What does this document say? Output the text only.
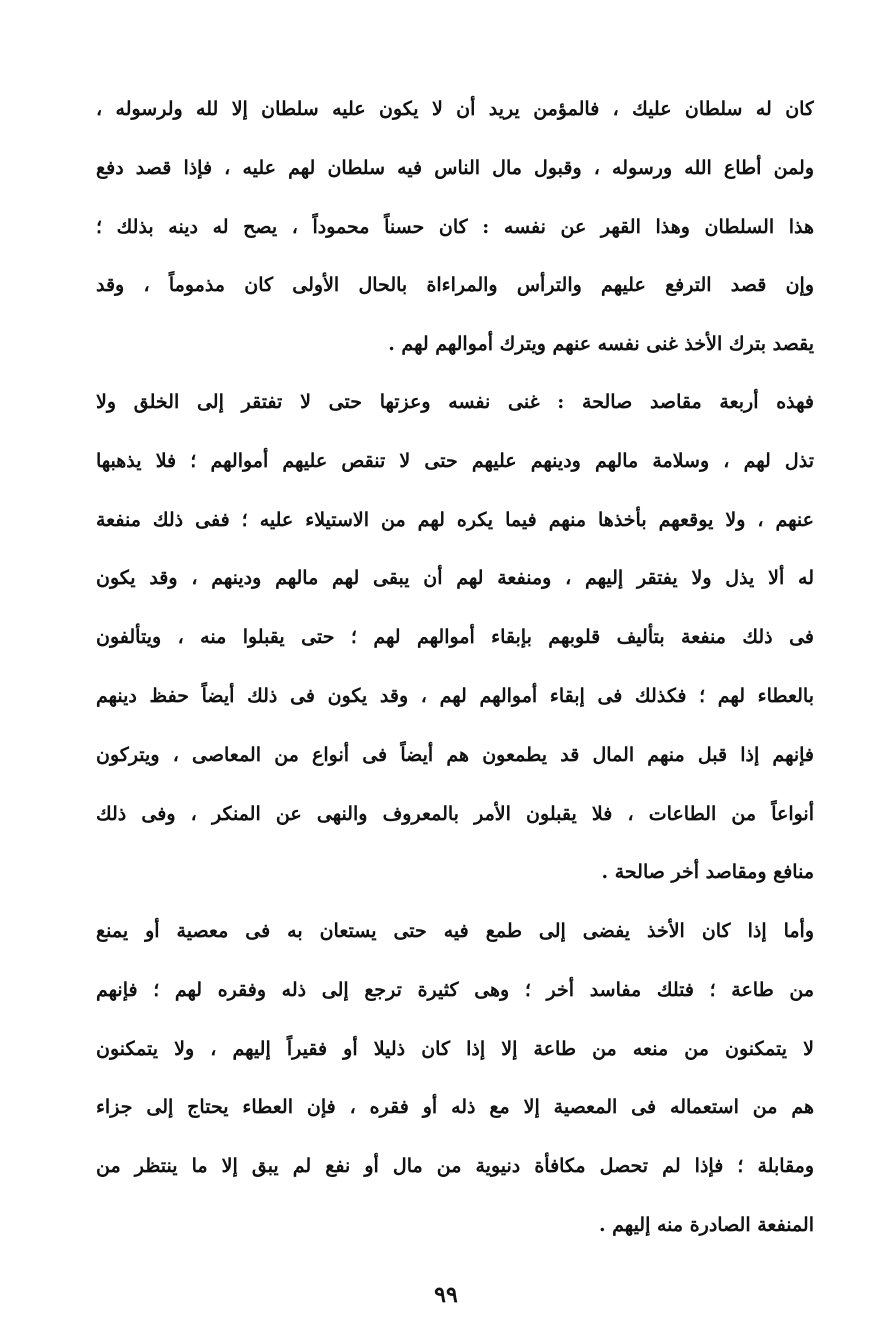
كان له سلطان عليك ، فالمؤمن يريد أن لا يكون عليه سلطان إلا لله ولرسوله ،
ولمن أطاع الله ورسوله ، وقبول مال الناس فيه سلطان لهم عليه ، فإذا قصد دفع
هذا السلطان وهذا القهر عن نفسه : كان حسناً محموداً ، يصح له دينه بذلك ؛
وإن قصد الترفع عليهم والترأس والمراءاة بالحال الأولى كان مذموماً ، وقد
يقصد بترك الأخذ غنى نفسه عنهم ويترك أموالهم لهم .
فهذه أربعة مقاصد صالحة : غنى نفسه وعزتها حتى لا تفتقر إلى الخلق ولا
تذل لهم ، وسلامة مالهم ودينهم عليهم حتى لا تنقص عليهم أموالهم ؛ فلا يذهبها
عنهم ، ولا يوقعهم بأخذها منهم فيما يكره لهم من الاستيلاء عليه ؛ ففى ذلك منفعة
له ألا يذل ولا يفتقر إليهم ، ومنفعة لهم أن يبقى لهم مالهم ودينهم ، وقد يكون
فى ذلك منفعة بتأليف قلوبهم بإبقاء أموالهم لهم ؛ حتى يقبلوا منه ، ويتألفون
بالعطاء لهم ؛ فكذلك فى إبقاء أموالهم لهم ، وقد يكون فى ذلك أيضاً حفظ دينهم
فإنهم إذا قبل منهم المال قد يطمعون هم أيضاً فى أنواع من المعاصى ، ويتركون
أنواعاً من الطاعات ، فلا يقبلون الأمر بالمعروف والنهى عن المنكر ، وفى ذلك
منافع ومقاصد أخر صالحة .
وأما إذا كان الأخذ يفضى إلى طمع فيه حتى يستعان به فى معصية أو يمنع
من طاعة ؛ فتلك مفاسد أخر ؛ وهى كثيرة ترجع إلى ذله وفقره لهم ؛ فإنهم
لا يتمكنون من منعه من طاعة إلا إذا كان ذليلا أو فقيراً إليهم ، ولا يتمكنون
هم من استعماله فى المعصية إلا مع ذله أو فقره ، فإن العطاء يحتاج إلى جزاء
ومقابلة ؛ فإذا لم تحصل مكافأة دنيوية من مال أو نفع لم يبق إلا ما ينتظر من
المنفعة الصادرة منه إليهم .
٩٩
